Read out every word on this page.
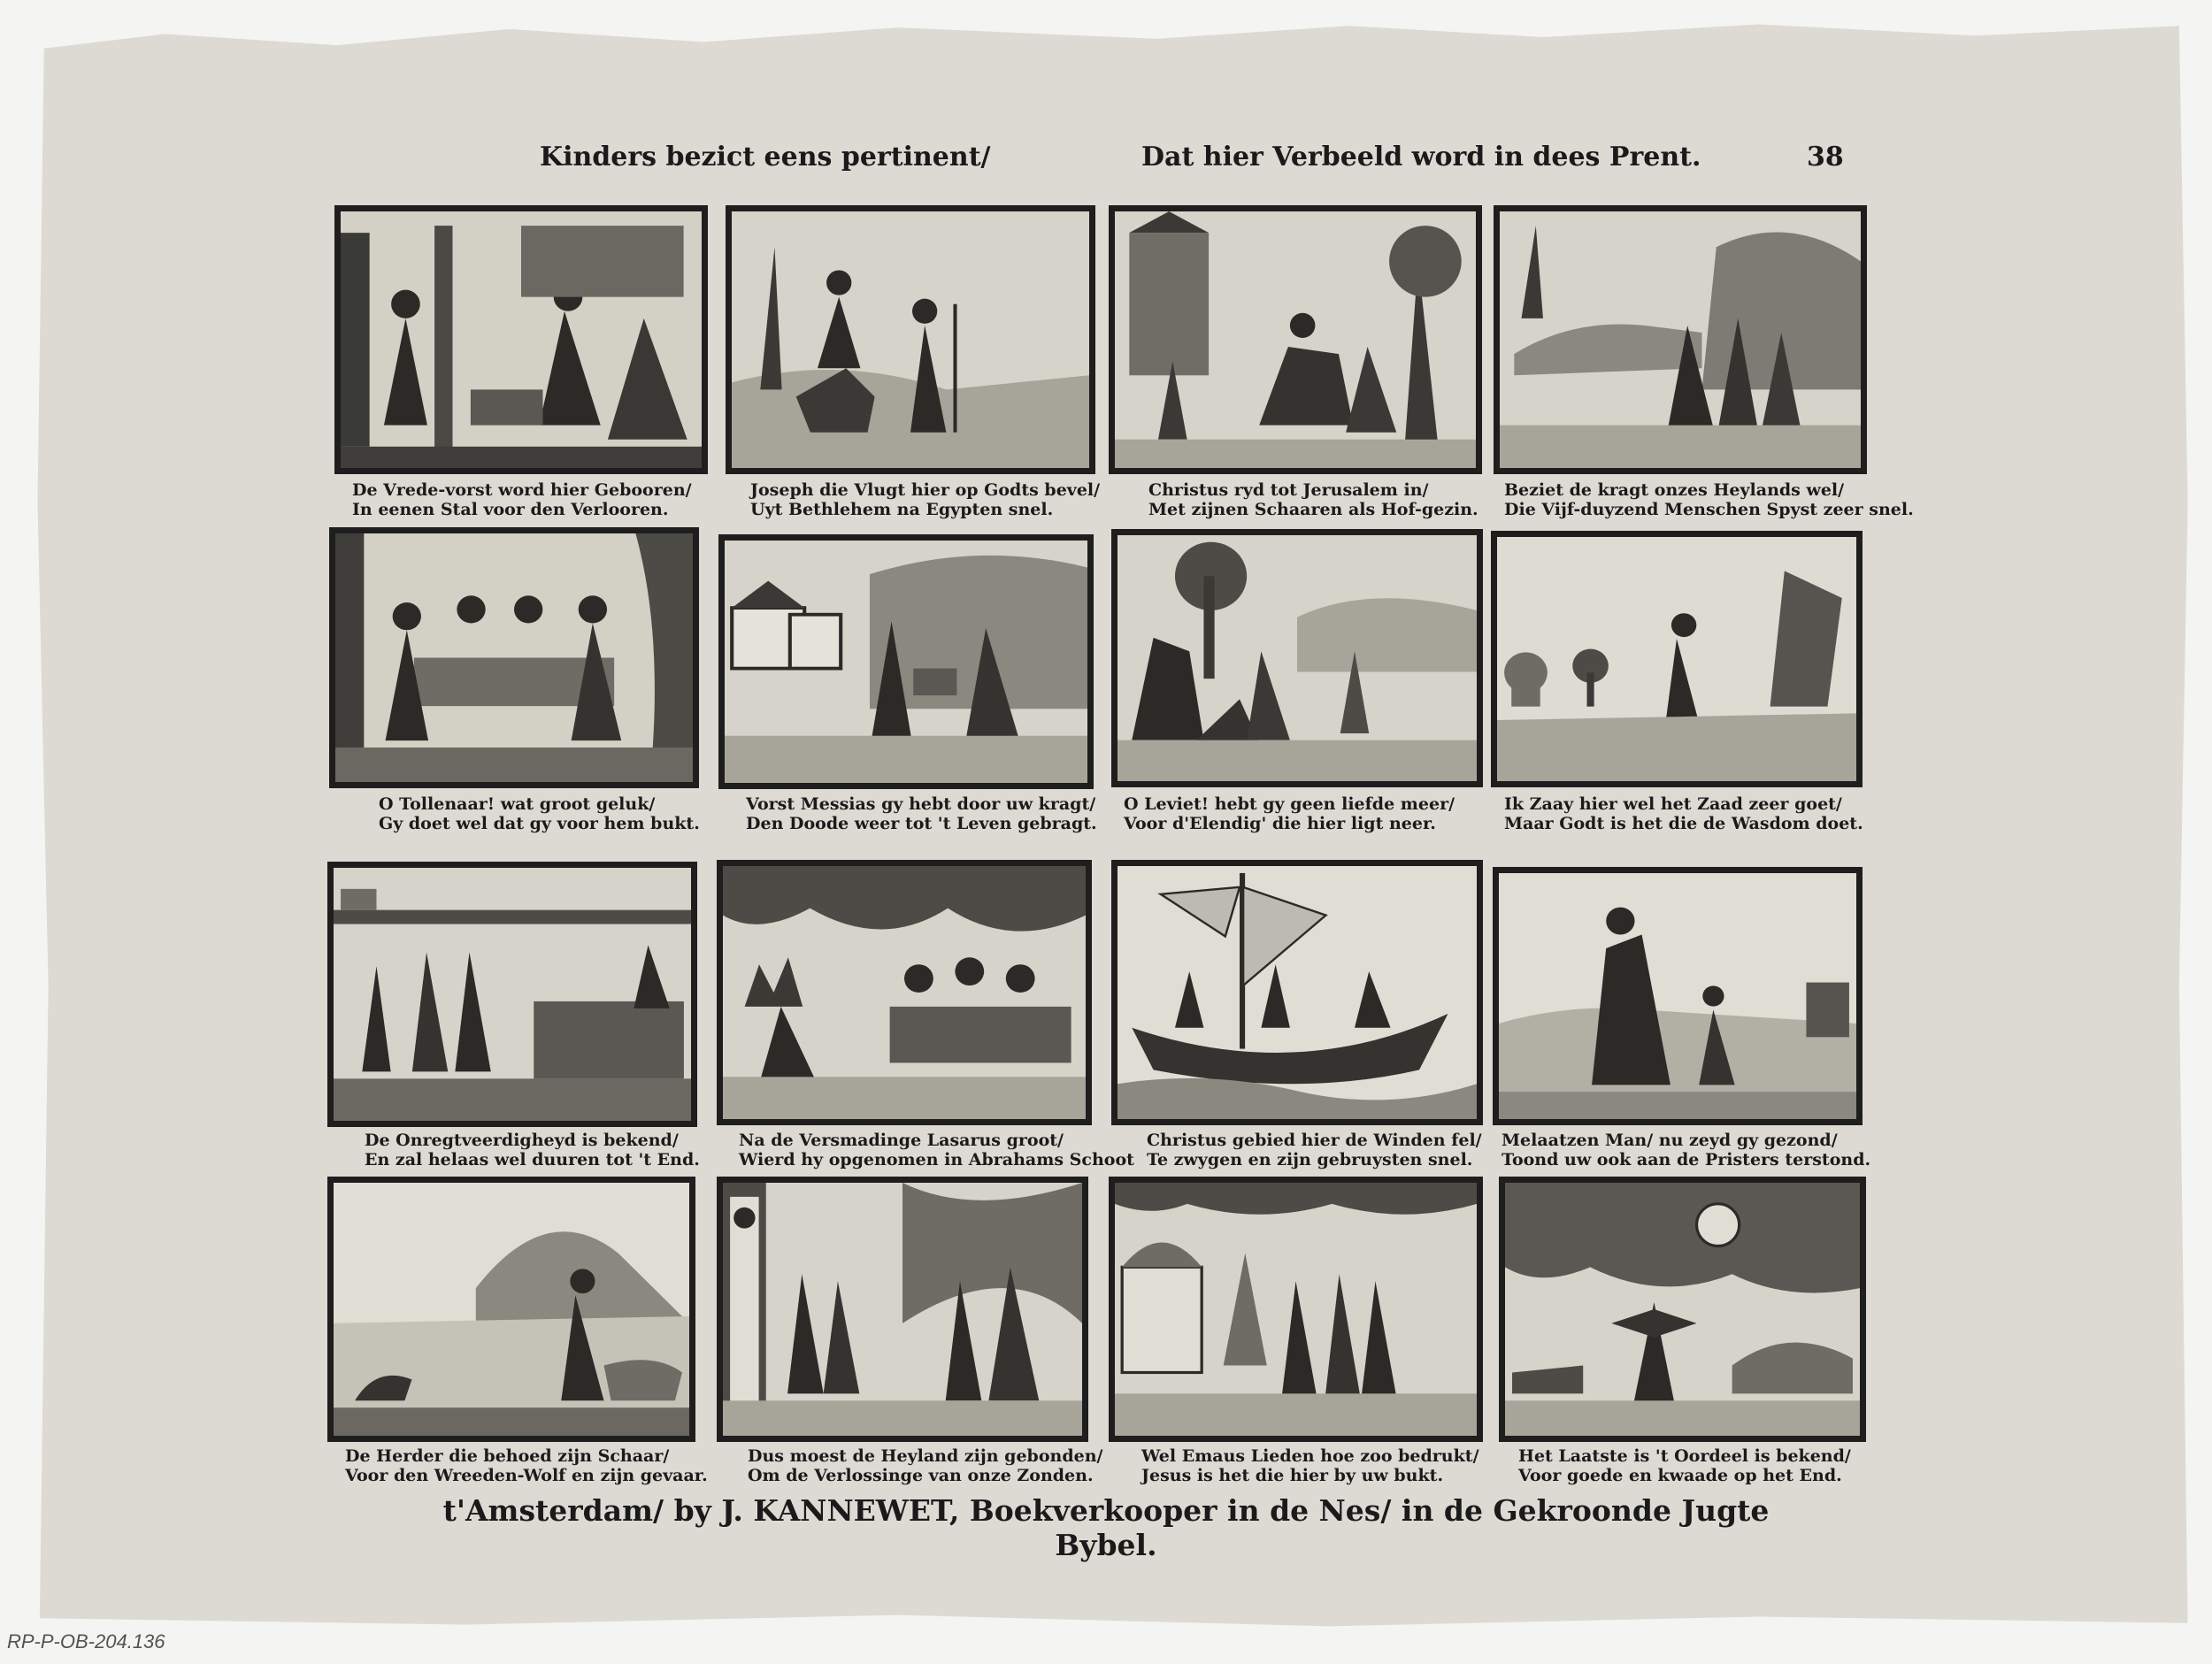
Kinders bezict eens pertinent/	Dat hier Verbeeld word in dees Prent.	38
De Vrede-vorst word hier Gebooren/
In eenen Stal voor den Verlooren.
Joseph die Vlugt hier op Godts bevel/
Uyt Bethlehem na Egypten snel.
Christus ryd tot Jerusalem in/
Met zijnen Schaaren als Hof-gezin.
Beziet de kragt onzes Heylands wel/
Die Vijf-duyzend Menschen Spyst zeer snel.
O Tollenaar! wat groot geluk/
Gy doet wel dat gy voor hem bukt.
Vorst Messias gy hebt door uw kragt/
Den Doode weer tot 't Leven gebragt.
O Leviet! hebt gy geen liefde meer/
Voor d'Elendig' die hier ligt neer.
Ik Zaay hier wel het Zaad zeer goet/
Maar Godt is het die de Wasdom doet.
De Onregtveerdigheyd is bekend/
En zal helaas wel duuren tot 't End.
Na de Versmadinge Lasarus groot/
Wierd hy opgenomen in Abrahams Schoot
Christus gebied hier de Winden fel/
Te zwygen en zijn gebruysten snel.
Melaatzen Man/ nu zeyd gy gezond/
Toond uw ook aan de Pristers terstond.
De Herder die behoed zijn Schaar/
Voor den Wreeden-Wolf en zijn gevaar.
Dus moest de Heyland zijn gebonden/
Om de Verlossinge van onze Zonden.
Wel Emaus Lieden hoe zoo bedrukt/
Jesus is het die hier by uw bukt.
Het Laatste is 't Oordeel is bekend/
Voor goede en kwaade op het End.
t'Amsterdam/ by J. KANNEWET, Boekverkooper in de Nes/ in de Gekroonde Jugte Bybel.
RP-P-OB-204.136
